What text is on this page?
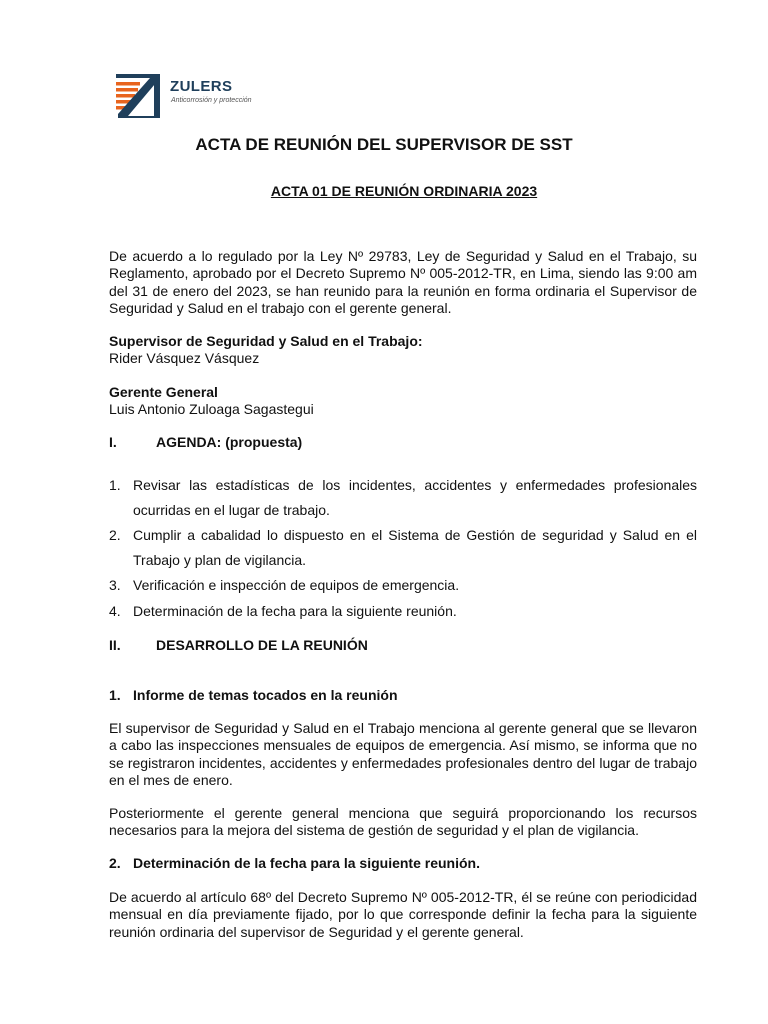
ZULERS
Anticorrosión y protección
ACTA DE REUNIÓN DEL SUPERVISOR DE SST
ACTA 01 DE REUNIÓN ORDINARIA 2023

De acuerdo a lo regulado por la Ley Nº 29783, Ley de Seguridad y Salud en el Trabajo, su Reglamento, aprobado por el Decreto Supremo Nº 005-2012-TR, en Lima, siendo las 9:00 am del 31 de enero del 2023, se han reunido para la reunión en forma ordinaria el Supervisor de Seguridad y Salud en el trabajo con el gerente general.

Supervisor de Seguridad y Salud en el Trabajo:
Rider Vásquez Vásquez
Gerente General
Luis Antonio Zuloaga Sagastegui
I.	AGENDA: (propuesta)
1. Revisar las estadísticas de los incidentes, accidentes y enfermedades profesionales ocurridas en el lugar de trabajo.
2. Cumplir a cabalidad lo dispuesto en el Sistema de Gestión de seguridad y Salud en el Trabajo y plan de vigilancia.
3. Verificación e inspección de equipos de emergencia.
4. Determinación de la fecha para la siguiente reunión.
II.	DESARROLLO DE LA REUNIÓN
1. Informe de temas tocados en la reunión

El supervisor de Seguridad y Salud en el Trabajo menciona al gerente general que se llevaron a cabo las inspecciones mensuales de equipos de emergencia. Así mismo, se informa que no se registraron incidentes, accidentes y enfermedades profesionales dentro del lugar de trabajo en el mes de enero.

Posteriormente el gerente general menciona que seguirá proporcionando los recursos necesarios para la mejora del sistema de gestión de seguridad y el plan de vigilancia.

2. Determinación de la fecha para la siguiente reunión.

De acuerdo al artículo 68º del Decreto Supremo Nº 005-2012-TR, él se reúne con periodicidad mensual en día previamente fijado, por lo que corresponde definir la fecha para la siguiente reunión ordinaria del supervisor de Seguridad y el gerente general.
